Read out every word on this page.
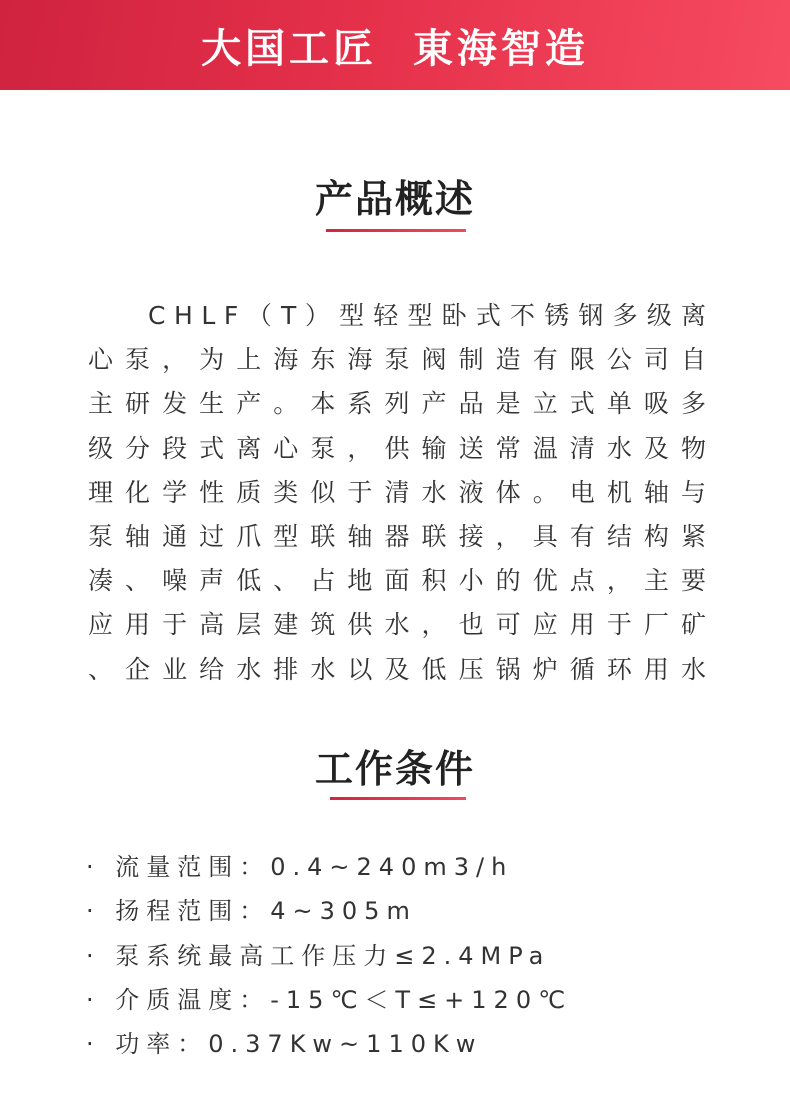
大国工匠  東海智造
产品概述
C H L F （ T ） 型 轻 型 卧 式 不 锈 钢 多 级 离
心 泵 ， 为 上 海 东 海 泵 阀 制 造 有 限 公 司 自
主 研 发 生 产 。 本 系 列 产 品 是 立 式 单 吸 多
级 分 段 式 离 心 泵 ， 供 输 送 常 温 清 水 及 物
理 化 学 性 质 类 似 于 清 水 液 体 。 电 机 轴 与
泵 轴 通 过 爪 型 联 轴 器 联 接 ， 具 有 结 构 紧
凑 、 噪 声 低 、 占 地 面 积 小 的 优 点 ， 主 要
应 用 于 高 层 建 筑 供 水 ， 也 可 应 用 于 厂 矿
、 企 业 给 水 排 水 以 及 低 压 锅 炉 循 环 用 水
工作条件
· 流量范围：0.4~240m3/h
· 扬程范围：4~305m
· 泵系统最高工作压力≤2.4MPa
· 介质温度：-15℃＜T≤+120℃
· 功率：0.37Kw~110Kw
